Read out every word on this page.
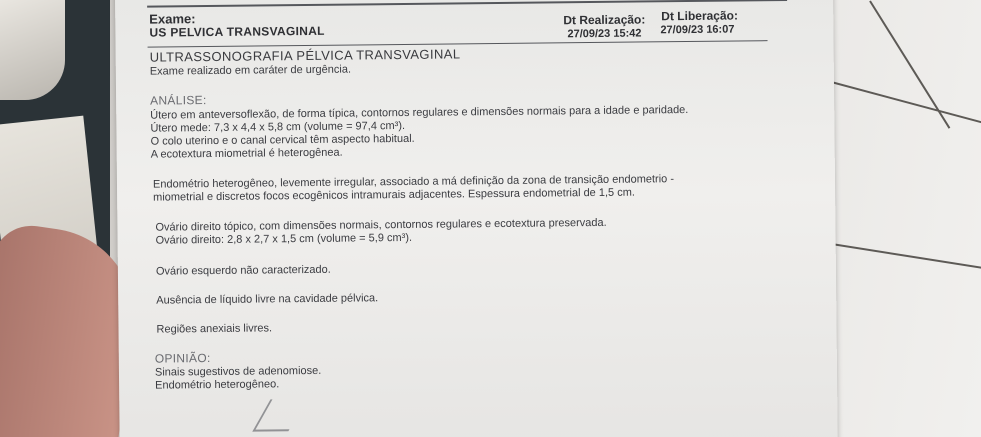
Exame:
US PELVICA TRANSVAGINAL
Dt Realização:
27/09/23 15:42
Dt Liberação:
27/09/23 16:07
ULTRASSONOGRAFIA PÉLVICA TRANSVAGINAL
Exame realizado em caráter de urgência.
ANÁLISE:
Útero em anteversoflexão, de forma típica, contornos regulares e dimensões normais para a idade e paridade.
Útero mede: 7,3 x 4,4 x 5,8 cm (volume = 97,4 cm³).
O colo uterino e o canal cervical têm aspecto habitual.
A ecotextura miometrial é heterogênea.
Endométrio heterogêneo, levemente irregular, associado a má definição da zona de transição endometrio -
miometrial e discretos focos ecogênicos intramurais adjacentes. Espessura endometrial de 1,5 cm.
Ovário direito tópico, com dimensões normais, contornos regulares e ecotextura preservada.
Ovário direito: 2,8 x 2,7 x 1,5 cm (volume = 5,9 cm³).
Ovário esquerdo não caracterizado.
Ausência de líquido livre na cavidade pélvica.
Regiões anexiais livres.
OPINIÃO:
Sinais sugestivos de adenomiose.
Endométrio heterogêneo.
